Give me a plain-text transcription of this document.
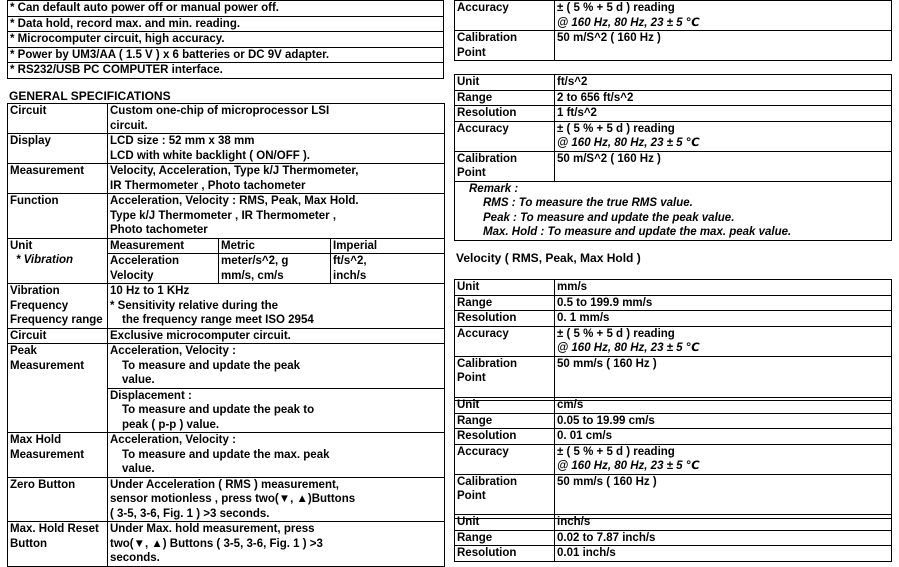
* Can default auto power off or manual power off.
* Data hold, record max. and min. reading.
* Microcomputer circuit, high accuracy.
* Power by UM3/AA ( 1.5 V ) x 6 batteries or DC 9V adapter.
* RS232/USB PC COMPUTER interface.
GENERAL SPECIFICATIONS
Circuit	Custom one-chip of microprocessor LSI
circuit.		

Display	LCD size : 52 mm x 38 mm
LCD with white backlight ( ON/OFF ).		

Measurement	Velocity, Acceleration, Type k/J Thermometer,
IR Thermometer , Photo tachometer		

Function	Acceleration, Velocity : RMS, Peak, Max Hold.
Type k/J Thermometer , IR Thermometer ,
Photo tachometer		

Unit
* Vibration	Measurement	Metric	Imperial
	Acceleration	meter/s^2, g	ft/s^2,
	Velocity	mm/s, cm/s	inch/s

Vibration
Frequency
Frequency range	10 Hz to 1 KHz
* Sensitivity relative during the
the frequency range meet ISO 2954		

Circuit	Exclusive microcomputer circuit.		

Peak
Measurement	Acceleration, Velocity :
To measure and update the peak
value.		

	Displacement :
To measure and update the peak to
peak ( p-p ) value.		

Max Hold
Measurement	Acceleration, Velocity :
To measure and update the max. peak
value.		

Zero Button	Under Acceleration ( RMS ) measurement,
sensor motionless , press two(▼, ▲)Buttons
( 3-5, 3-6, Fig. 1 ) >3 seconds.		

Max. Hold Reset
Button	Under Max. hold measurement, press
two(▼, ▲) Buttons ( 3-5, 3-6, Fig. 1 ) >3
seconds.		
Accuracy	± ( 5 % + 5 d ) reading
@ 160 Hz, 80 Hz, 23 ± 5 ℃

Calibration
Point	50 m/S^2 ( 160 Hz )
Unit	ft/s^2
Range	2 to 656 ft/s^2
Resolution	1 ft/s^2
Accuracy	± ( 5 % + 5 d ) reading
@ 160 Hz, 80 Hz, 23 ± 5 ℃

Calibration
Point	50 m/S^2 ( 160 Hz )

Remark :
RMS : To measure the true RMS value.
Peak : To measure and update the peak value.
Max. Hold : To measure and update the max. peak value.	
Velocity ( RMS, Peak, Max Hold )
Unit	mm/s
Range	0.5 to 199.9 mm/s
Resolution	0. 1 mm/s
Accuracy	± ( 5 % + 5 d ) reading
@ 160 Hz, 80 Hz, 23 ± 5 ℃

Calibration
Point	50 mm/s ( 160 Hz )
Unit	cm/s
Range	0.05 to 19.99 cm/s
Resolution	0. 01 cm/s
Accuracy	± ( 5 % + 5 d ) reading
@ 160 Hz, 80 Hz, 23 ± 5 ℃

Calibration
Point	50 mm/s ( 160 Hz )
Unit	inch/s
Range	0.02 to 7.87 inch/s
Resolution	0.01 inch/s
